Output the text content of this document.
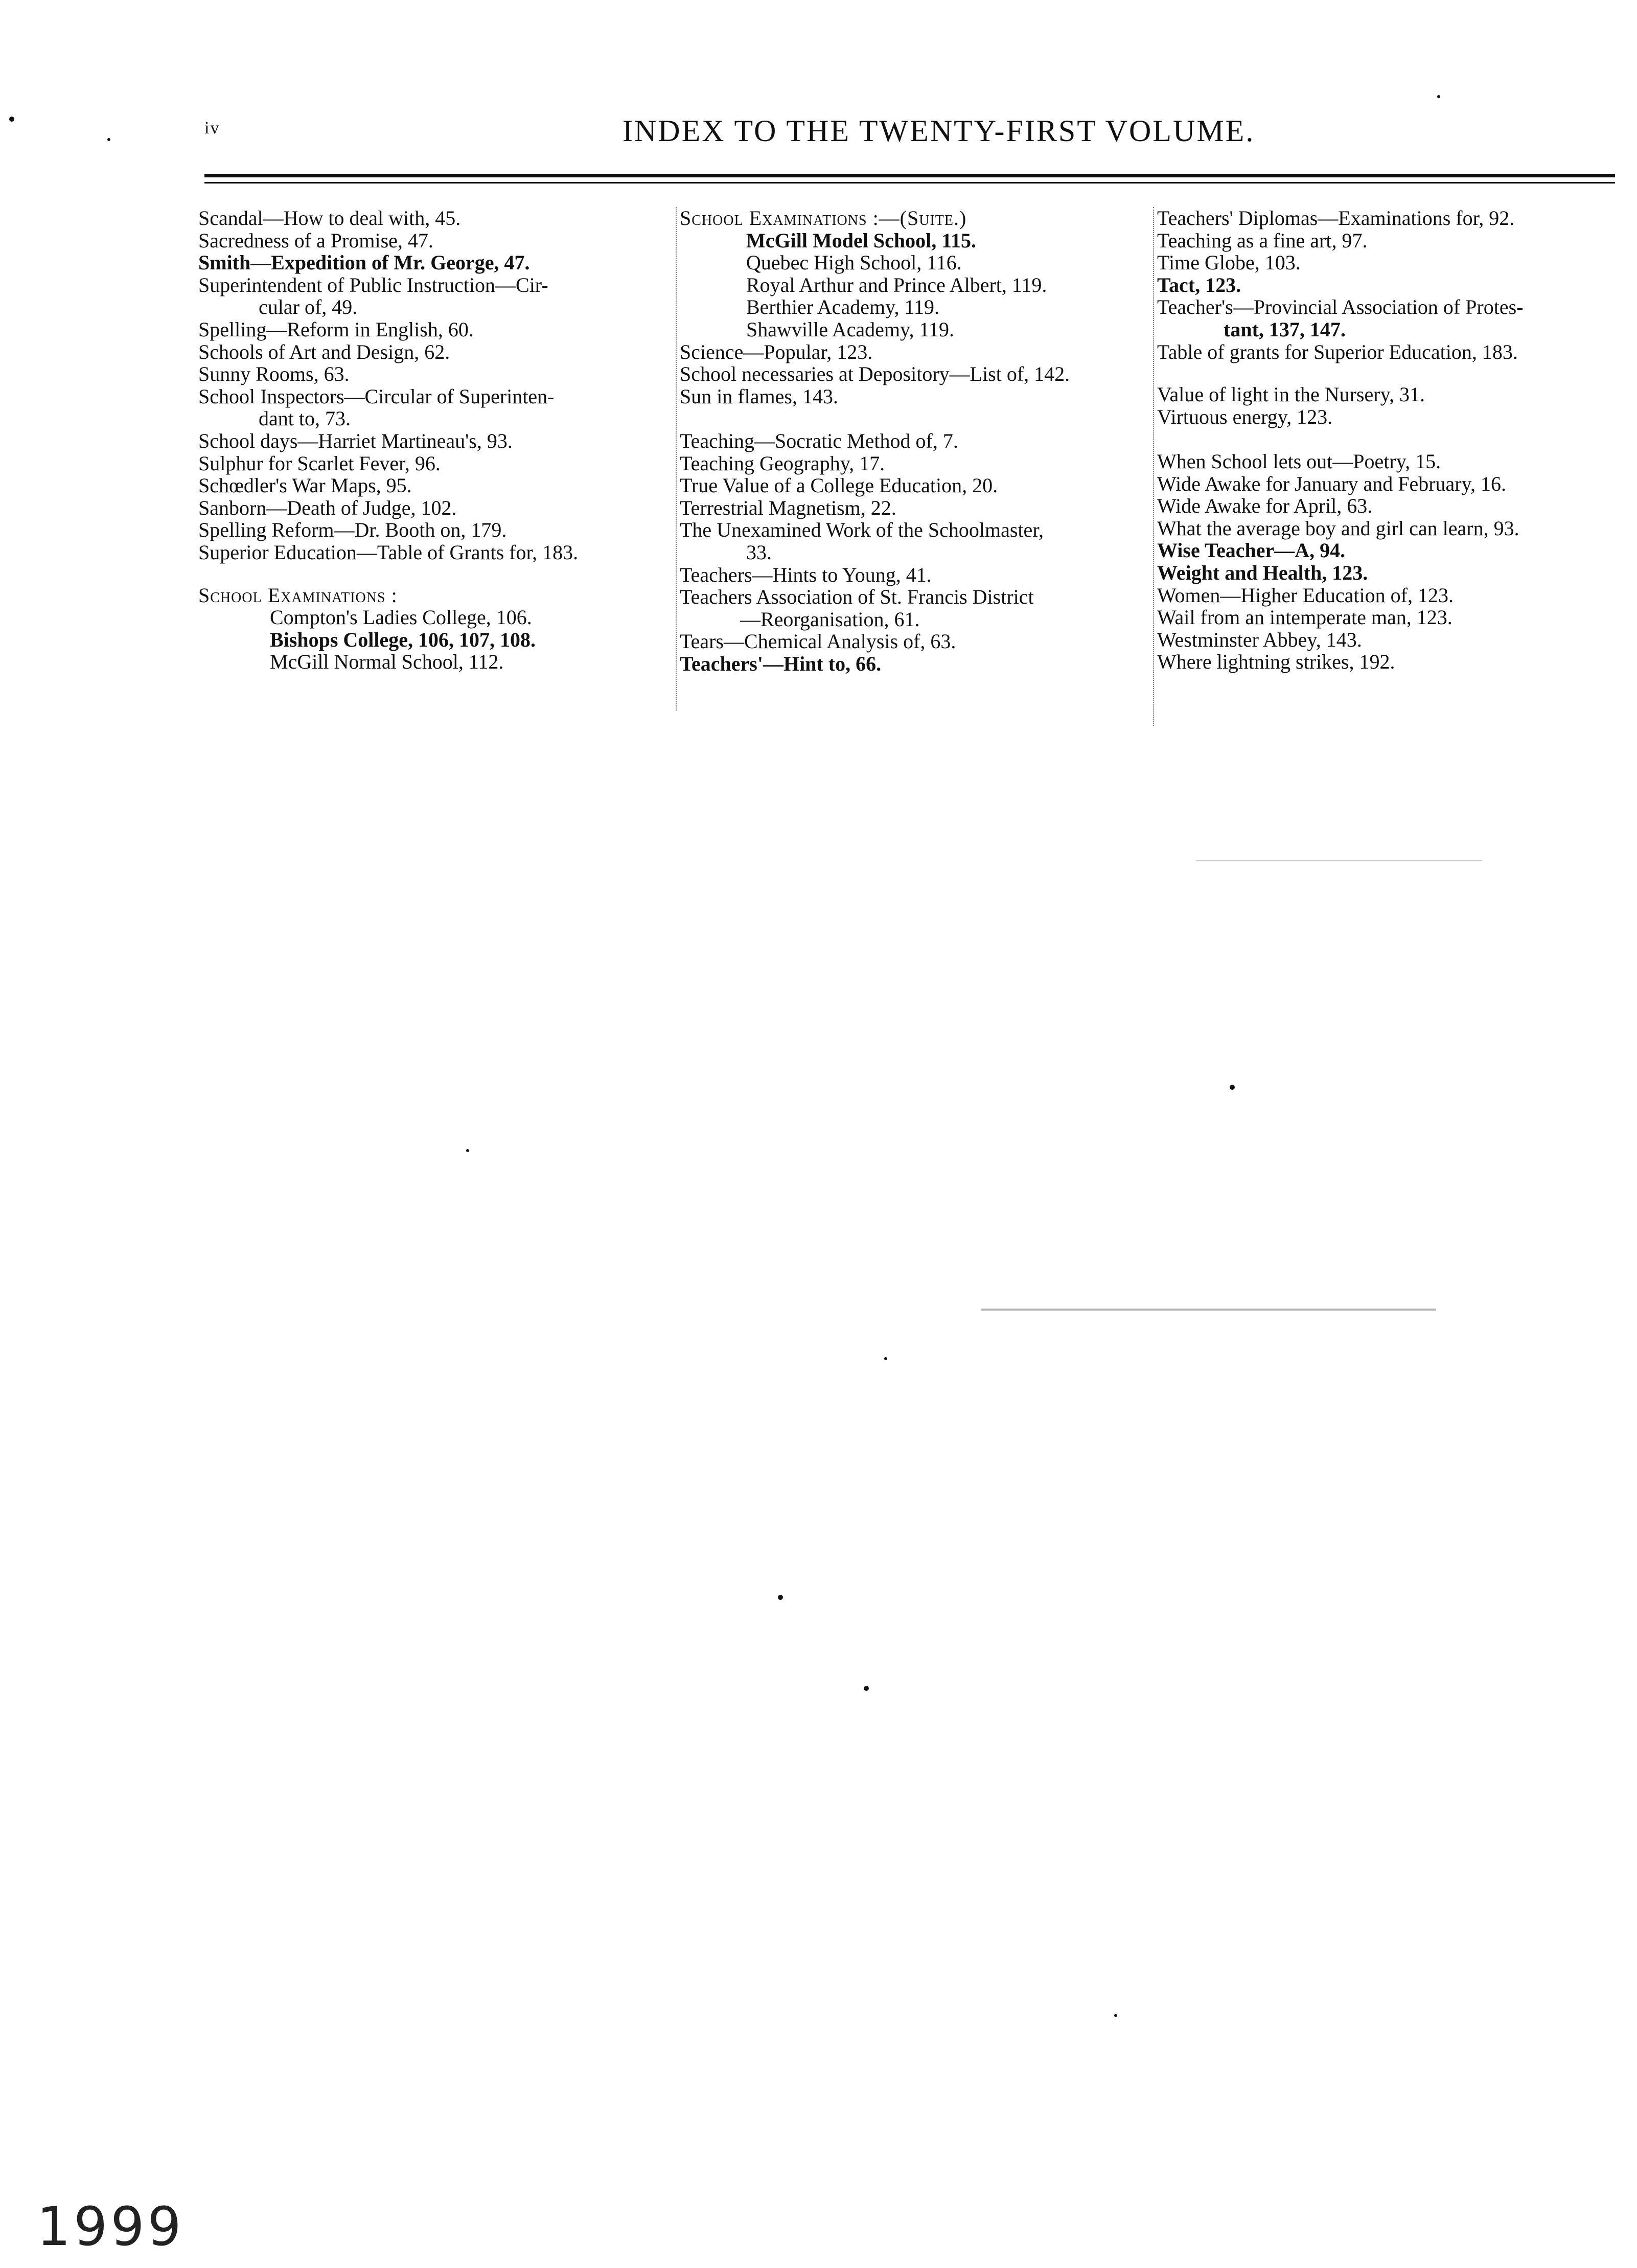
iv	INDEX TO THE TWENTY-FIRST VOLUME.
Scandal—How to deal with, 45.
Sacredness of a Promise, 47.
Smith—Expedition of Mr. George, 47.
Superintendent of Public Instruction—Cir-
cular of, 49.
Spelling—Reform in English, 60.
Schools of Art and Design, 62.
Sunny Rooms, 63.
School Inspectors—Circular of Superinten-
dant to, 73.
School days—Harriet Martineau's, 93.
Sulphur for Scarlet Fever, 96.
Schœdler's War Maps, 95.
Sanborn—Death of Judge, 102.
Spelling Reform—Dr. Booth on, 179.
Superior Education—Table of Grants for, 183.
School Examinations :
Compton's Ladies College, 106.
Bishops College, 106, 107, 108.
McGill Normal School, 112.
School Examinations :—(Suite.)
McGill Model School, 115.
Quebec High School, 116.
Royal Arthur and Prince Albert, 119.
Berthier Academy, 119.
Shawville Academy, 119.
Science—Popular, 123.
School necessaries at Depository—List of, 142.
Sun in flames, 143.
Teaching—Socratic Method of, 7.
Teaching Geography, 17.
True Value of a College Education, 20.
Terrestrial Magnetism, 22.
The Unexamined Work of the Schoolmaster,
33.
Teachers—Hints to Young, 41.
Teachers Association of St. Francis District
—Reorganisation, 61.
Tears—Chemical Analysis of, 63.
Teachers'—Hint to, 66.
Teachers' Diplomas—Examinations for, 92.
Teaching as a fine art, 97.
Time Globe, 103.
Tact, 123.
Teacher's—Provincial Association of Protes-
tant, 137, 147.
Table of grants for Superior Education, 183.
Value of light in the Nursery, 31.
Virtuous energy, 123.
When School lets out—Poetry, 15.
Wide Awake for January and February, 16.
Wide Awake for April, 63.
What the average boy and girl can learn, 93.
Wise Teacher—A, 94.
Weight and Health, 123.
Women—Higher Education of, 123.
Wail from an intemperate man, 123.
Westminster Abbey, 143.
Where lightning strikes, 192.
1999
